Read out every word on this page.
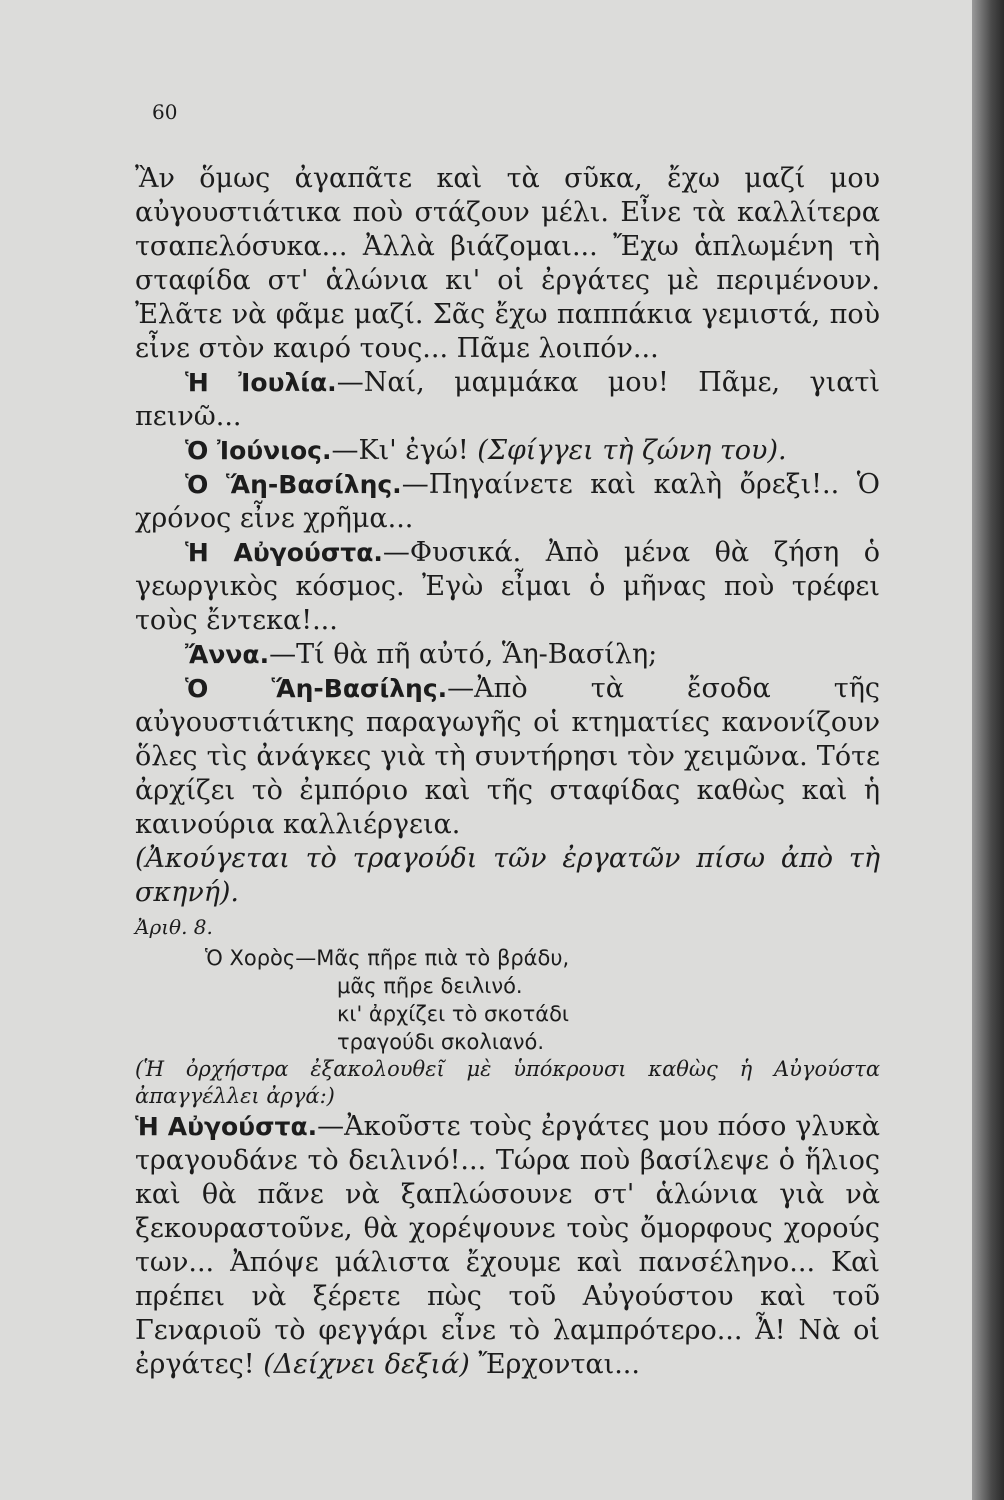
60

Ἂν ὅμως ἀγαπᾶτε καὶ τὰ σῦκα, ἔχω μαζί μου αὐγουστιάτικα ποὺ στάζουν μέλι. Εἶνε τὰ καλλίτερα τσαπελόσυκα... Ἀλλὰ βιάζομαι... Ἔχω ἁπλωμένη τὴ σταφίδα στ' ἁλώνια κι' οἱ ἐργάτες μὲ περιμένουν. Ἐλᾶτε νὰ φᾶμε μαζί. Σᾶς ἔχω παππάκια γεμιστά, ποὺ εἶνε στὸν καιρό τους... Πᾶμε λοιπόν...

Ἡ Ἰουλία.—Ναί, μαμμάκα μου! Πᾶμε, γιατὶ πεινῶ...

Ὁ Ἰούνιος.—Κι' ἐγώ! (Σφίγγει τὴ ζώνη του).

Ὁ Ἅη-Βασίλης.—Πηγαίνετε καὶ καλὴ ὄρεξι!.. Ὁ χρόνος εἶνε χρῆμα...

Ἡ Αὐγούστα.—Φυσικά. Ἀπὸ μένα θὰ ζήση ὁ γεωργικὸς κόσμος. Ἐγὼ εἶμαι ὁ μῆνας ποὺ τρέφει τοὺς ἔντεκα!...

Ἄννα.—Τί θὰ πῆ αὐτό, Ἅη-Βασίλη;

Ὁ Ἅη-Βασίλης.—Ἀπὸ τὰ ἔσοδα τῆς αὐγουστιάτικης παραγωγῆς οἱ κτηματίες κανονίζουν ὅλες τὶς ἀνάγκες γιὰ τὴ συντήρησι τὸν χειμῶνα. Τότε ἀρχίζει τὸ ἐμπόριο καὶ τῆς σταφίδας καθὼς καὶ ἡ καινούρια καλλιέργεια.

(Ἀκούγεται τὸ τραγούδι τῶν ἐργατῶν πίσω ἀπὸ τὴ σκηνή).

Ἀριθ. 8.

Ὁ Χορὸς—Μᾶς πῆρε πιὰ τὸ βράδυ,
μᾶς πῆρε δειλινό.
κι' ἀρχίζει τὸ σκοτάδι
τραγούδι σκολιανό.

(Ἡ ὀρχήστρα ἐξακολουθεῖ μὲ ὑπόκρουσι καθὼς ἡ Αὐγούστα ἀπαγγέλλει ἀργά:)

Ἡ Αὐγούστα.—Ἀκοῦστε τοὺς ἐργάτες μου πόσο γλυκὰ τραγουδάνε τὸ δειλινό!... Τώρα ποὺ βασίλεψε ὁ ἥλιος καὶ θὰ πᾶνε νὰ ξαπλώσουνε στ' ἁλώνια γιὰ νὰ ξεκουραστοῦνε, θὰ χορέψουνε τοὺς ὄμορφους χορούς των... Ἀπόψε μάλιστα ἔχουμε καὶ πανσέληνο... Καὶ πρέπει νὰ ξέρετε πὼς τοῦ Αὐγούστου καὶ τοῦ Γεναριοῦ τὸ φεγγάρι εἶνε τὸ λαμπρότερο... Ἆ! Νὰ οἱ ἐργάτες! (Δείχνει δεξιά) Ἔρχονται...
